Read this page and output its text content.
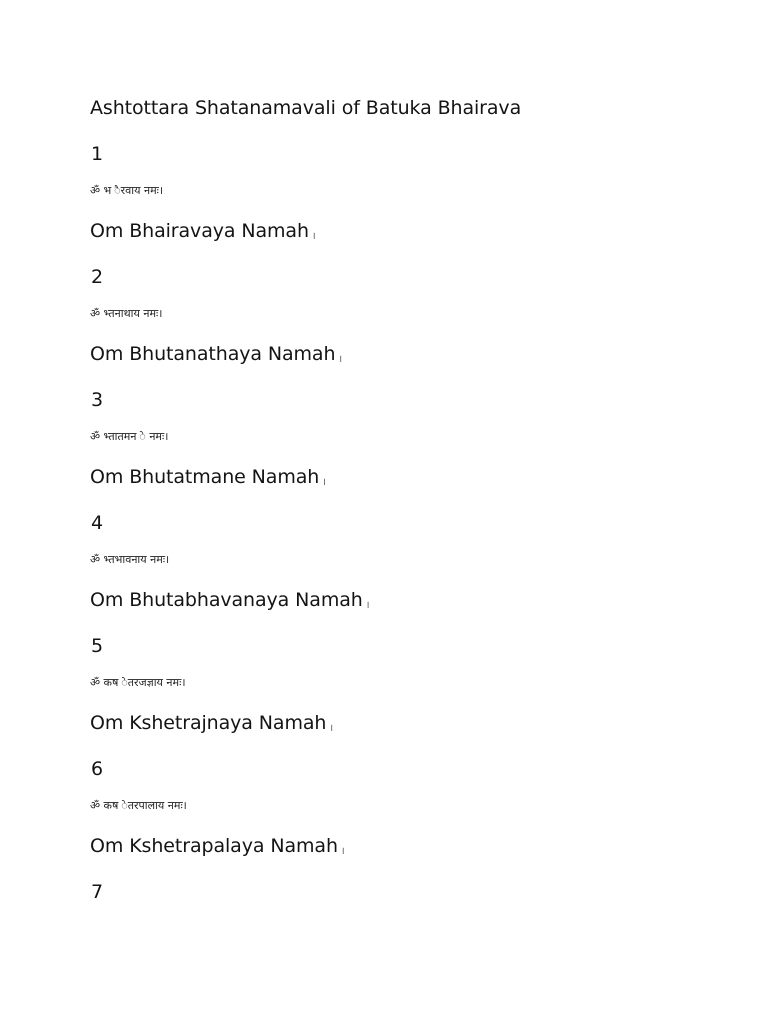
Ashtottara Shatanamavali of Batuka Bhairava
1
ॐ भ ैरवाय नमः।
Om Bhairavaya Namah ।
2
ॐ भ्तनाथाय नमः।
Om Bhutanathaya Namah ।
3
ॐ भ्तातमन े नमः।
Om Bhutatmane Namah ।
4
ॐ भ्तभावनाय नमः।
Om Bhutabhavanaya Namah ।
5
ॐ कष ेतरजज्ञाय नमः।
Om Kshetrajnaya Namah ।
6
ॐ कष ेतरपालाय नमः।
Om Kshetrapalaya Namah ।
7
